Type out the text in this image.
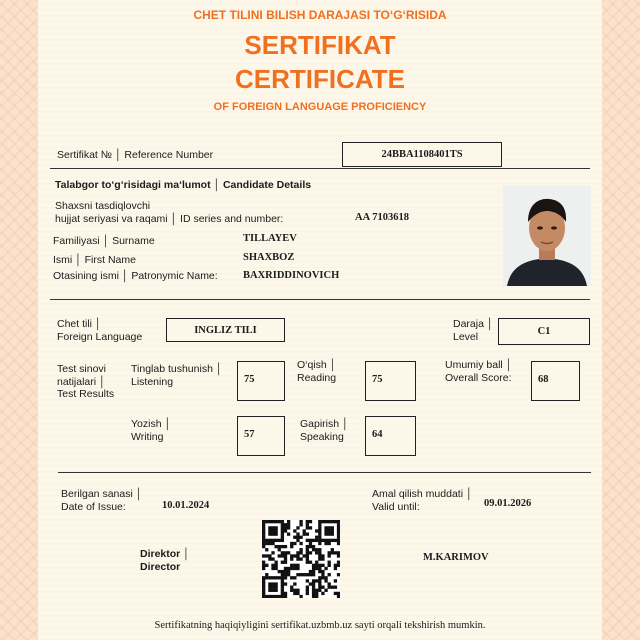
CHET TILINI BILISH DARAJASI TO‘G‘RISIDA
SERTIFIKAT
CERTIFICATE
OF FOREIGN LANGUAGE PROFICIENCY
Sertifikat № │ Reference Number	24BBA1108401TS
Talabgor to‘g‘risidagi ma‘lumot │ Candidate Details
Shaxsni tasdiqlovchi
hujjat seriyasi va raqami │ ID series and number:	AA 7103618
Familiyasi │ Surname	TILLAYEV
Ismi │ First Name	SHAXBOZ
Otasining ismi │ Patronymic Name: BAXRIDDINOVICH
Chet tili │
Foreign Language
INGLIZ TILI	Daraja │
Level	C1
Test sinovi
natijalari │
Test Results
Tinglab tushunish │
Listening	75
O‘qish │
Reading	75
Umumiy ball │
Overall Score:	68
Yozish │
Writing	57
Gapirish │
Speaking	64
Berilgan sanasi │
Date of Issue:	10.01.2024
Amal qilish muddati │
Valid until:	09.01.2026
Direktor │
Director
M.KARIMOV
Sertifikatning haqiqiyligini sertifikat.uzbmb.uz sayti orqali tekshirish mumkin.
